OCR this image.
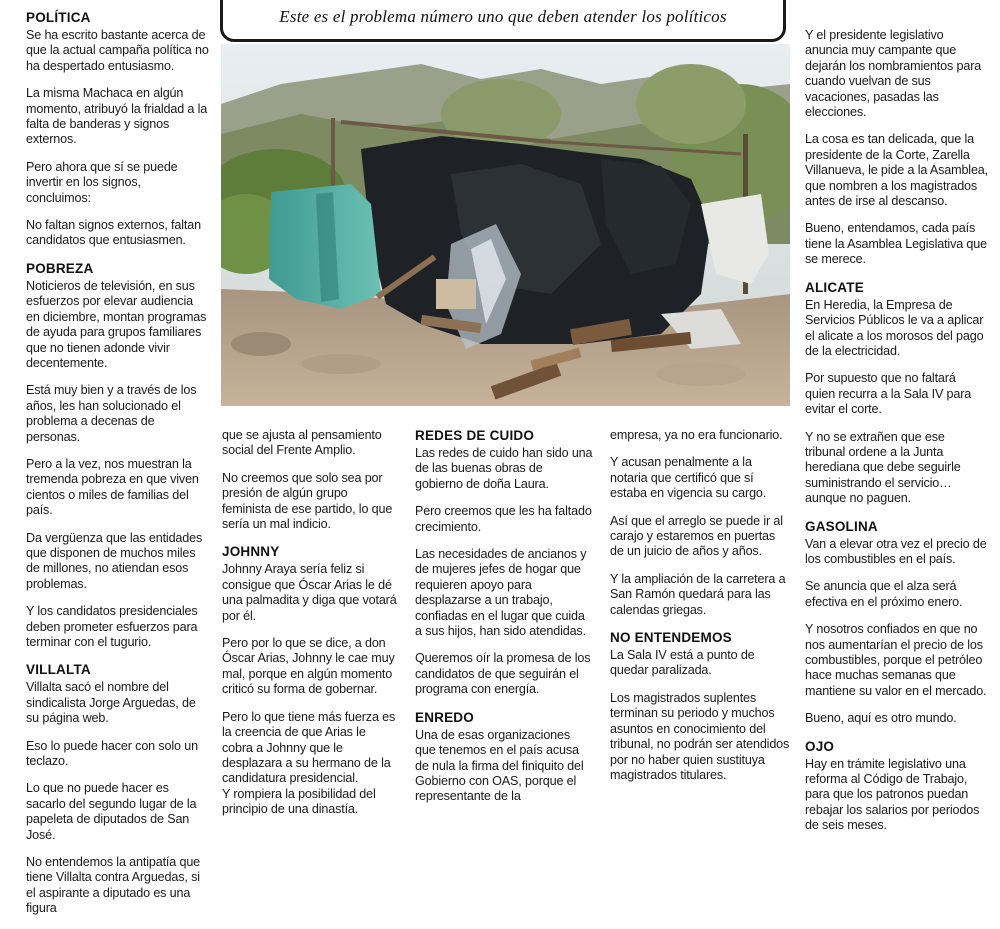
POLÍTICA

Se ha escrito bastante acerca de que la actual campaña política no ha despertado entusiasmo.

La misma Machaca en algún momento, atribuyó la frialdad a la falta de banderas y signos externos.

Pero ahora que sí se puede invertir en los signos, concluimos:

No faltan signos externos, faltan candidatos que entusiasmen.

POBREZA

Noticieros de televisión, en sus esfuerzos por elevar audiencia en diciembre, montan programas de ayuda para grupos familiares que no tienen adonde vivir decentemente.

Está muy bien y a través de los años, les han solucionado el problema a decenas de personas.

Pero a la vez, nos muestran la tremenda pobreza en que viven cientos o miles de familias del país.

Da vergüenza que las entidades que disponen de muchos miles de millones, no atiendan esos problemas.

Y los candidatos presidenciales deben prometer esfuerzos para terminar con el tugurio.

VILLALTA

Villalta sacó el nombre del sindicalista Jorge Arguedas, de su página web.

Eso lo puede hacer con solo un teclazo.

Lo que no puede hacer es sacarlo del segundo lugar de la papeleta de diputados de San José.

No entendemos la antipatía que tiene Villalta contra Arguedas, si el aspirante a diputado es una figura

Este es el problema número uno que deben atender los políticos

que se ajusta al pensamiento social del Frente Amplio.

No creemos que solo sea por presión de algún grupo feminista de ese partido, lo que sería un mal indicio.

JOHNNY

Johnny Araya sería feliz si consigue que Óscar Arias le dé una palmadita y diga que votará por él.

Pero por lo que se dice, a don Óscar Arias, Johnny le cae muy mal, porque en algún momento criticó su forma de gobernar.

Pero lo que tiene más fuerza es la creencia de que Arias le cobra a Johnny que le desplazara a su hermano de la candidatura presidencial.

Y rompiera la posibilidad del principio de una dinastía.

REDES DE CUIDO

Las redes de cuido han sido una de las buenas obras de gobierno de doña Laura.

Pero creemos que les ha faltado crecimiento.

Las necesidades de ancianos y de mujeres jefes de hogar que requieren apoyo para desplazarse a un trabajo, confiadas en el lugar que cuida a sus hijos, han sido atendidas.

Queremos oír la promesa de los candidatos de que seguirán el programa con energía.

ENREDO

Una de esas organizaciones que tenemos en el país acusa de nula la firma del finiquito del Gobierno con OAS, porque el representante de la

empresa, ya no era funcionario.

Y acusan penalmente a la notaria que certificó que sí estaba en vigencia su cargo.

Así que el arreglo se puede ir al carajo y estaremos en puertas de un juicio de años y años.

Y la ampliación de la carretera a San Ramón quedará para las calendas griegas.

NO ENTENDEMOS

La Sala IV está a punto de quedar paralizada.

Los magistrados suplentes terminan su periodo y muchos asuntos en conocimiento del tribunal, no podrán ser atendidos por no haber quien sustituya magistrados titulares.

Y el presidente legislativo anuncia muy campante que dejarán los nombramientos para cuando vuelvan de sus vacaciones, pasadas las elecciones.

La cosa es tan delicada, que la presidente de la Corte, Zarella Villanueva, le pide a la Asamblea, que nombren a los magistrados antes de irse al descanso.

Bueno, entendamos, cada país tiene la Asamblea Legislativa que se merece.

ALICATE

En Heredia, la Empresa de Servicios Públicos le va a aplicar el alicate a los morosos del pago de la electricidad.

Por supuesto que no faltará quien recurra a la Sala IV para evitar el corte.

Y no se extrañen que ese tribunal ordene a la Junta herediana que debe seguirle suministrando el servicio… aunque no paguen.

GASOLINA

Van a elevar otra vez el precio de los combustibles en el país.

Se anuncia que el alza será efectiva en el próximo enero.

Y nosotros confiados en que no nos aumentarían el precio de los combustibles, porque el petróleo hace muchas semanas que mantiene su valor en el mercado.

Bueno, aquí es otro mundo.

OJO

Hay en trámite legislativo una reforma al Código de Trabajo, para que los patronos puedan rebajar los salarios por periodos de seis meses.
